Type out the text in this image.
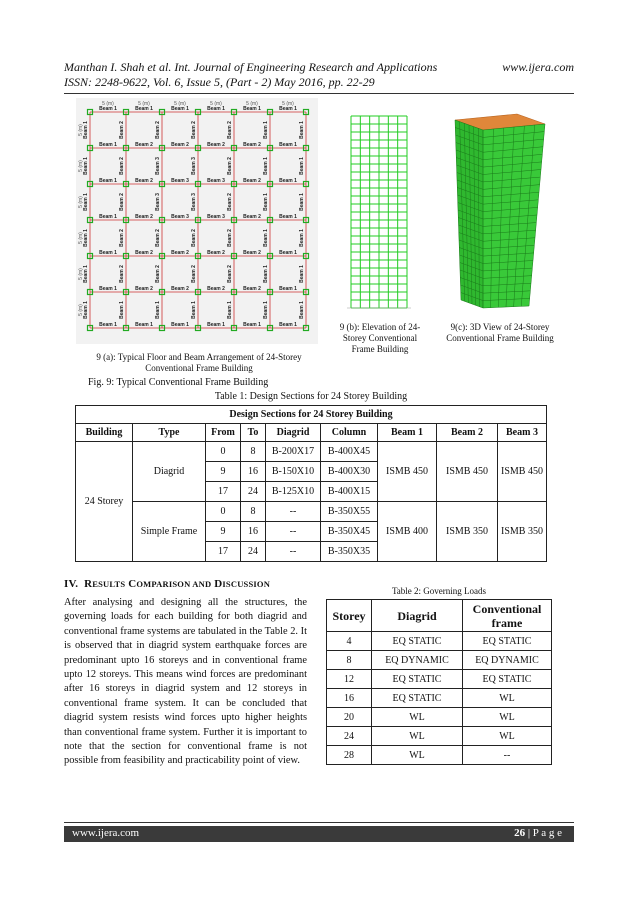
Manthan I. Shah et al. Int. Journal of Engineering Research and Applications
ISSN: 2248-9622, Vol. 6, Issue 5, (Part - 2) May 2016, pp. 22-29
www.ijera.com
Beam 1	Beam 1	Beam 1	Beam 1	Beam 1	Beam 1
Beam 1	Beam 2	Beam 2	Beam 2	Beam 2	Beam 1
Beam 1	Beam 2	Beam 3	Beam 3	Beam 2	Beam 1
Beam 1	Beam 2	Beam 3	Beam 3	Beam 2	Beam 1
Beam 1	Beam 2	Beam 2	Beam 2	Beam 2	Beam 1
Beam 1	Beam 2	Beam 2	Beam 2	Beam 2	Beam 1
Beam 1	Beam 1	Beam 1	Beam 1	Beam 1	Beam 1
Beam 1
Beam 1
Beam 1
Beam 1
Beam 1
Beam 1
Beam 2
Beam 2
Beam 2
Beam 2
Beam 2
Beam 1
Beam 2
Beam 3
Beam 3
Beam 2
Beam 2
Beam 1
Beam 2
Beam 3
Beam 3
Beam 2
Beam 2
Beam 1
Beam 2
Beam 2
Beam 2
Beam 2
Beam 2
Beam 1
Beam 1
Beam 1
Beam 1
Beam 1
Beam 1
Beam 1
Beam 1
Beam 1
Beam 1
Beam 1
Beam 1
Beam 1
5 (m)
5 (m)
5 (m)
5 (m)
5 (m)
5 (m)
5 (m)
5 (m)
5 (m)
5 (m)
5 (m)
5 (m)
9 (a): Typical Floor and Beam Arrangement of 24-Storey Conventional Frame Building
9 (b): Elevation of 24-Storey Conventional Frame Building
9(c): 3D View of 24-Storey Conventional Frame Building
Fig. 9: Typical Conventional Frame Building
Table 1: Design Sections for 24 Storey Building
Design Sections for 24 Storey Building								
Building	Type	From	To	Diagrid	Column	Beam 1	Beam 2	Beam 3
24 Storey	Diagrid	0	8	B-200X17	B-400X45	ISMB 450	ISMB 450	ISMB 450
		9	16	B-150X10	B-400X30			
		17	24	B-125X10	B-400X15			
	Simple Frame	0	8	--	B-350X55	ISMB 400	ISMB 350	ISMB 350
		9	16	--	B-350X45			
		17	24	--	B-350X35			
IV. RESULTS COMPARISON AND DISCUSSION
After analysing and designing all the structures, the governing loads for each building for both diagrid and conventional frame systems are tabulated in the Table 2. It is observed that in diagrid system earthquake forces are predominant upto 16 storeys and in conventional frame upto 12 storeys. This means wind forces are predominant after 16 storeys in diagrid system and 12 storeys in conventional frame system. It can be concluded that diagrid system resists wind forces upto higher heights than conventional frame system. Further it is important to note that the section for conventional frame is not possible from feasibility and practicability point of view.
Table 2: Governing Loads
Storey	Diagrid	Conventional frame
4	EQ STATIC	EQ STATIC
8	EQ DYNAMIC	EQ DYNAMIC
12	EQ STATIC	EQ STATIC
16	EQ STATIC	WL
20	WL	WL
24	WL	WL
28	WL	--
www.ijera.com	26 | P a g e
